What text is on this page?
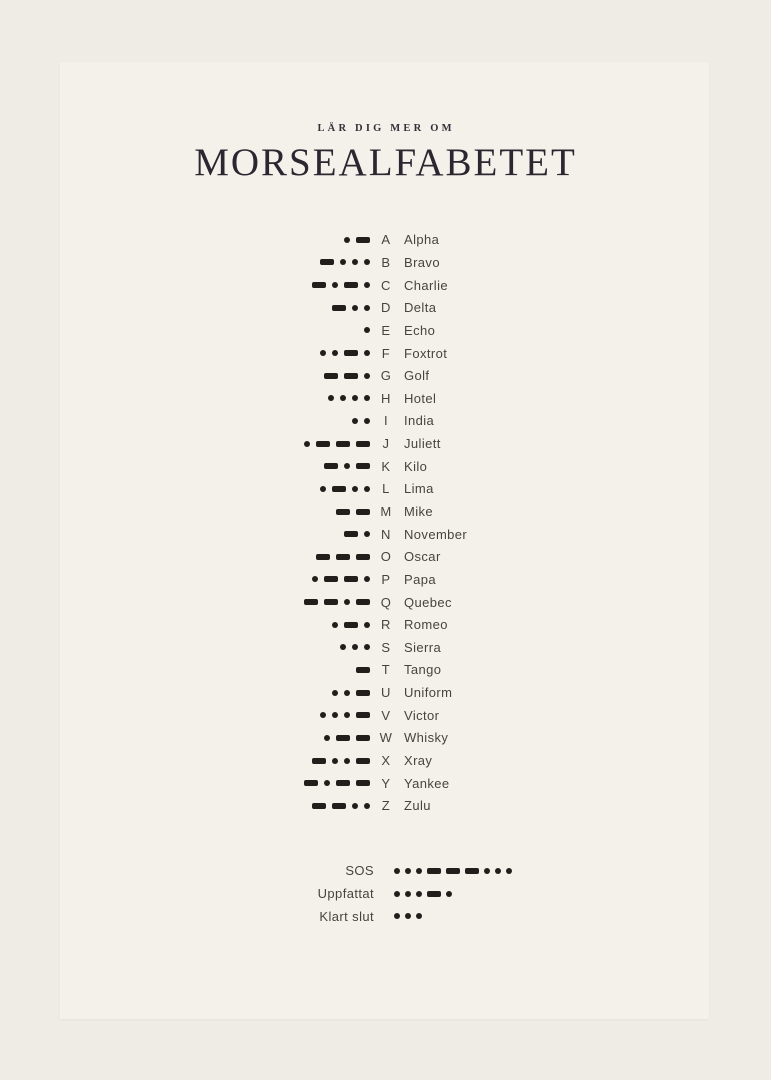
LÄR DIG MER OM
MORSEALFABETET
A	Alpha
B	Bravo
C	Charlie
D	Delta
E	Echo
F	Foxtrot
G Golf
H	Hotel
I	India
J	Juliett
K	Kilo
L	Lima
M Mike
N	November
O Oscar
P	Papa
Q Quebec
R	Romeo
S	Sierra
T	Tango
U	Uniform
V	Victor
W Whisky
X	Xray
Y	Yankee
Z	Zulu
SOS
Uppfattat
Klart slut
